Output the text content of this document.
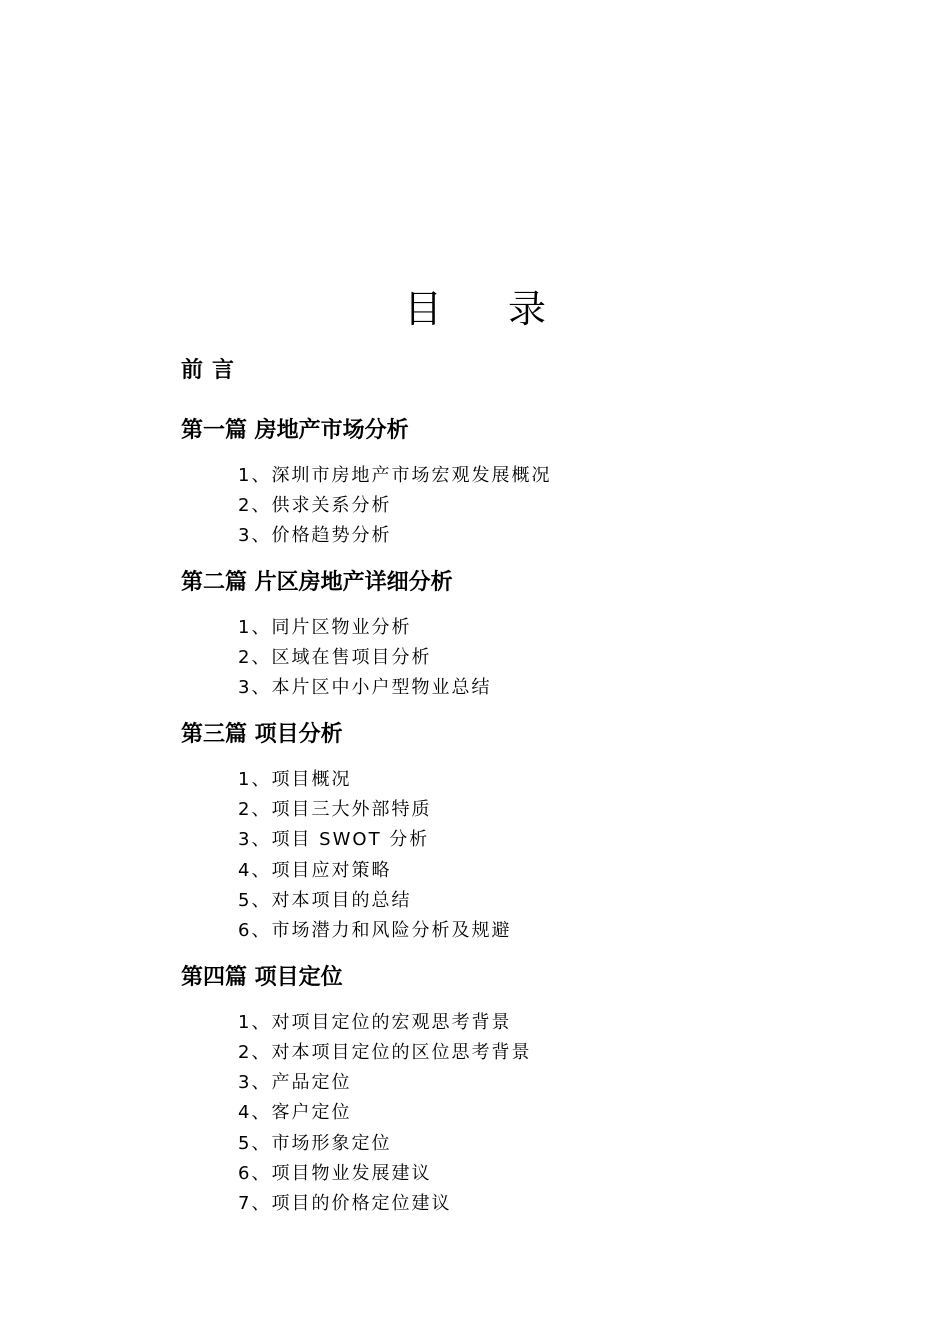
目 录
前言
第一篇 房地产市场分析
1、深圳市房地产市场宏观发展概况
2、供求关系分析
3、价格趋势分析
第二篇 片区房地产详细分析
1、同片区物业分析
2、区域在售项目分析
3、本片区中小户型物业总结
第三篇 项目分析
1、项目概况
2、项目三大外部特质
3、项目 SWOT 分析
4、项目应对策略
5、对本项目的总结
6、市场潜力和风险分析及规避
第四篇 项目定位
1、对项目定位的宏观思考背景
2、对本项目定位的区位思考背景
3、产品定位
4、客户定位
5、市场形象定位
6、项目物业发展建议
7、项目的价格定位建议
